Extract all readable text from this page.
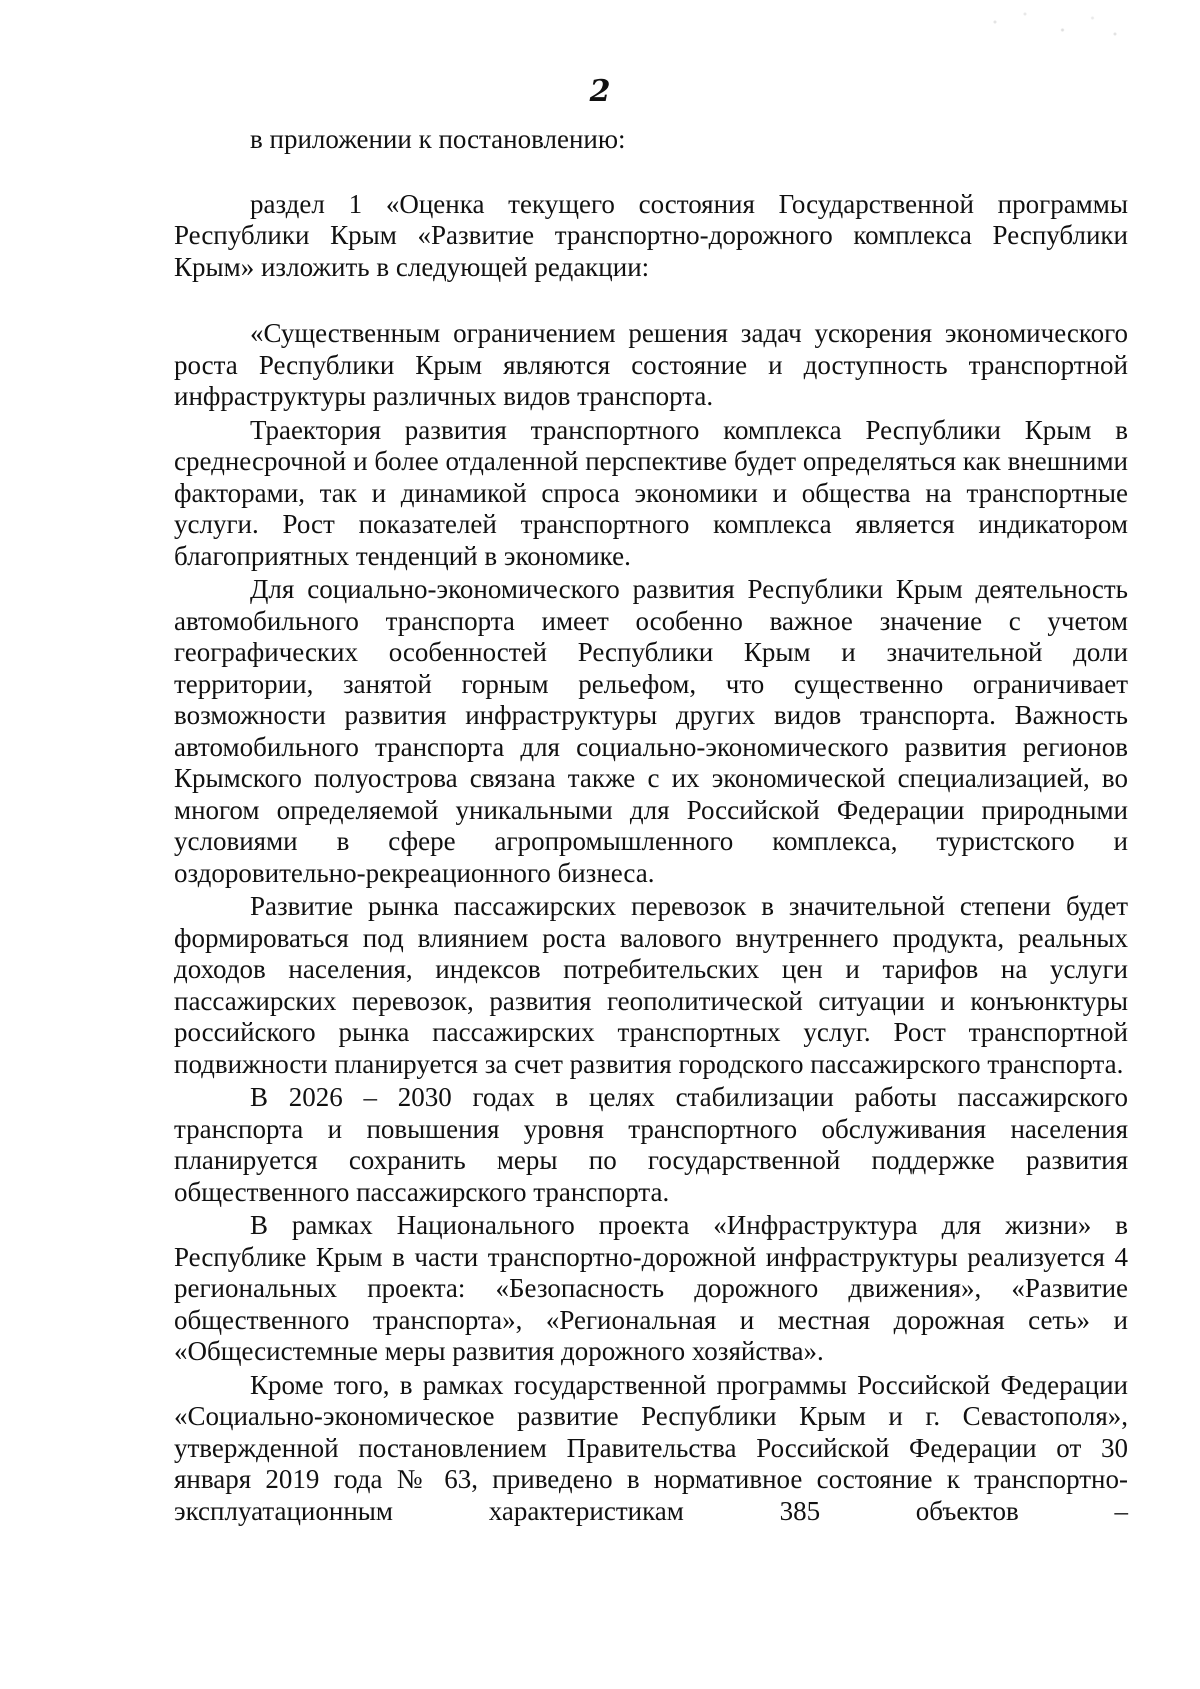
2

в приложении к постановлению:

раздел 1 «Оценка текущего состояния Государственной программы Республики Крым «Развитие транспортно-дорожного комплекса Республики Крым» изложить в следующей редакции:

«Существенным ограничением решения задач ускорения экономического роста Республики Крым являются состояние и доступность транспортной инфраструктуры различных видов транспорта.

Траектория развития транспортного комплекса Республики Крым в среднесрочной и более отдаленной перспективе будет определяться как внешними факторами, так и динамикой спроса экономики и общества на транспортные услуги. Рост показателей транспортного комплекса является индикатором благоприятных тенденций в экономике.

Для социально-экономического развития Республики Крым деятельность автомобильного транспорта имеет особенно важное значение с учетом географических особенностей Республики Крым и значительной доли территории, занятой горным рельефом, что существенно ограничивает возможности развития инфраструктуры других видов транспорта. Важность автомобильного транспорта для социально-экономического развития регионов Крымского полуострова связана также с их экономической специализацией, во многом определяемой уникальными для Российской Федерации природными условиями в сфере агропромышленного комплекса, туристского и оздоровительно-рекреационного бизнеса.

Развитие рынка пассажирских перевозок в значительной степени будет формироваться под влиянием роста валового внутреннего продукта, реальных доходов населения, индексов потребительских цен и тарифов на услуги пассажирских перевозок, развития геополитической ситуации и конъюнктуры российского рынка пассажирских транспортных услуг. Рост транспортной подвижности планируется за счет развития городского пассажирского транспорта.

В 2026 – 2030 годах в целях стабилизации работы пассажирского транспорта и повышения уровня транспортного обслуживания населения планируется сохранить меры по государственной поддержке развития общественного пассажирского транспорта.

В рамках Национального проекта «Инфраструктура для жизни» в Республике Крым в части транспортно-дорожной инфраструктуры реализуется 4 региональных проекта: «Безопасность дорожного движения», «Развитие общественного транспорта», «Региональная и местная дорожная сеть» и «Общесистемные меры развития дорожного хозяйства».

Кроме того, в рамках государственной программы Российской Федерации «Социально-экономическое развитие Республики Крым и г. Севастополя», утвержденной постановлением Правительства Российской Федерации от 30 января 2019 года № 63, приведено в нормативное состояние к транспортно-эксплуатационным характеристикам 385 объектов –
